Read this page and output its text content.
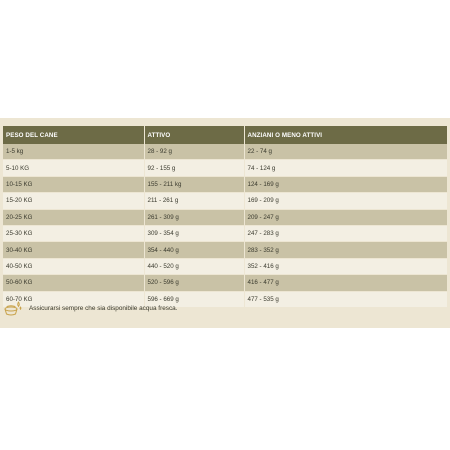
PESO DEL CANE	ATTIVO	ANZIANI O MENO ATTIVI
1-5 kg	28 - 92 g	22 - 74 g
5-10 KG	92 - 155 g	74 - 124 g
10-15 KG	155 - 211 kg	124 - 169 g
15-20 KG	211 - 261 g	169 - 209 g
20-25 KG	261 - 309 g	209 - 247 g
25-30 KG	309 - 354 g	247 - 283 g
30-40 KG	354 - 440 g	283 - 352 g
40-50 KG	440 - 520 g	352 - 416 g
50-60 KG	520 - 596 g	416 - 477 g
60-70 KG	596 - 669 g	477 - 535 g
Assicurarsi sempre che sia disponibile acqua fresca.
